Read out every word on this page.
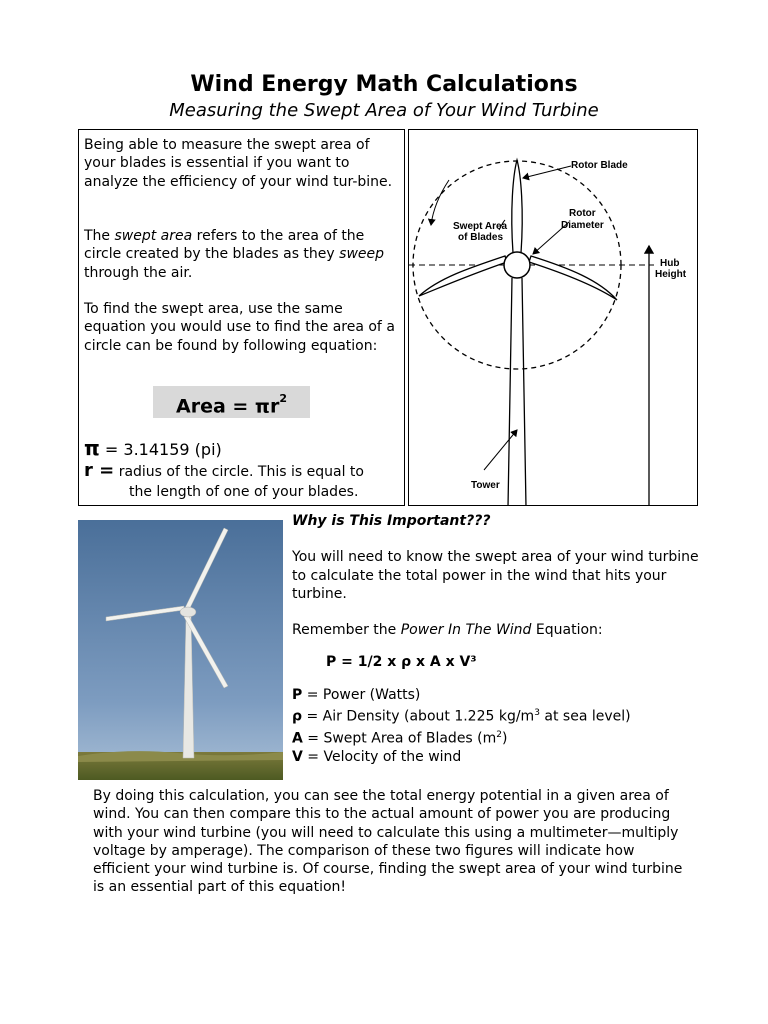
Wind Energy Math Calculations
Measuring the Swept Area of Your Wind Turbine

Being able to measure the swept area of your blades is essential if you want to analyze the efficiency of your wind tur-bine.

The swept area refers to the area of the circle created by the blades as they sweep through the air.

To find the swept area, use the same equation you would use to find the area of a circle can be found by following equation:

Area = $\pi r^2$
π = 3.14159 (pi)
r = radius of the circle. This is equal to
the length of one of your blades.
Rotor Blade
Rotor
Diameter
Swept Area
of Blades
Hub
Height
Tower

Why is This Important???

You will need to know the swept area of your wind turbine to calculate the total power in the wind that hits your turbine.

Remember the Power In The Wind Equation:

P = 1/2 x ρ x A x V³

P = Power (Watts)

ρ = Air Density (about 1.225 $kg/m^3$ at sea level)

A = Swept Area of Blades $(m^2)$

V = Velocity of the wind

By doing this calculation, you can see the total energy potential in a given area of wind. You can then compare this to the actual amount of power you are producing with your wind turbine (you will need to calculate this using a multimeter—multiply voltage by amperage). The comparison of these two figures will indicate how efficient your wind turbine is. Of course, finding the swept area of your wind turbine is an essential part of this equation!
